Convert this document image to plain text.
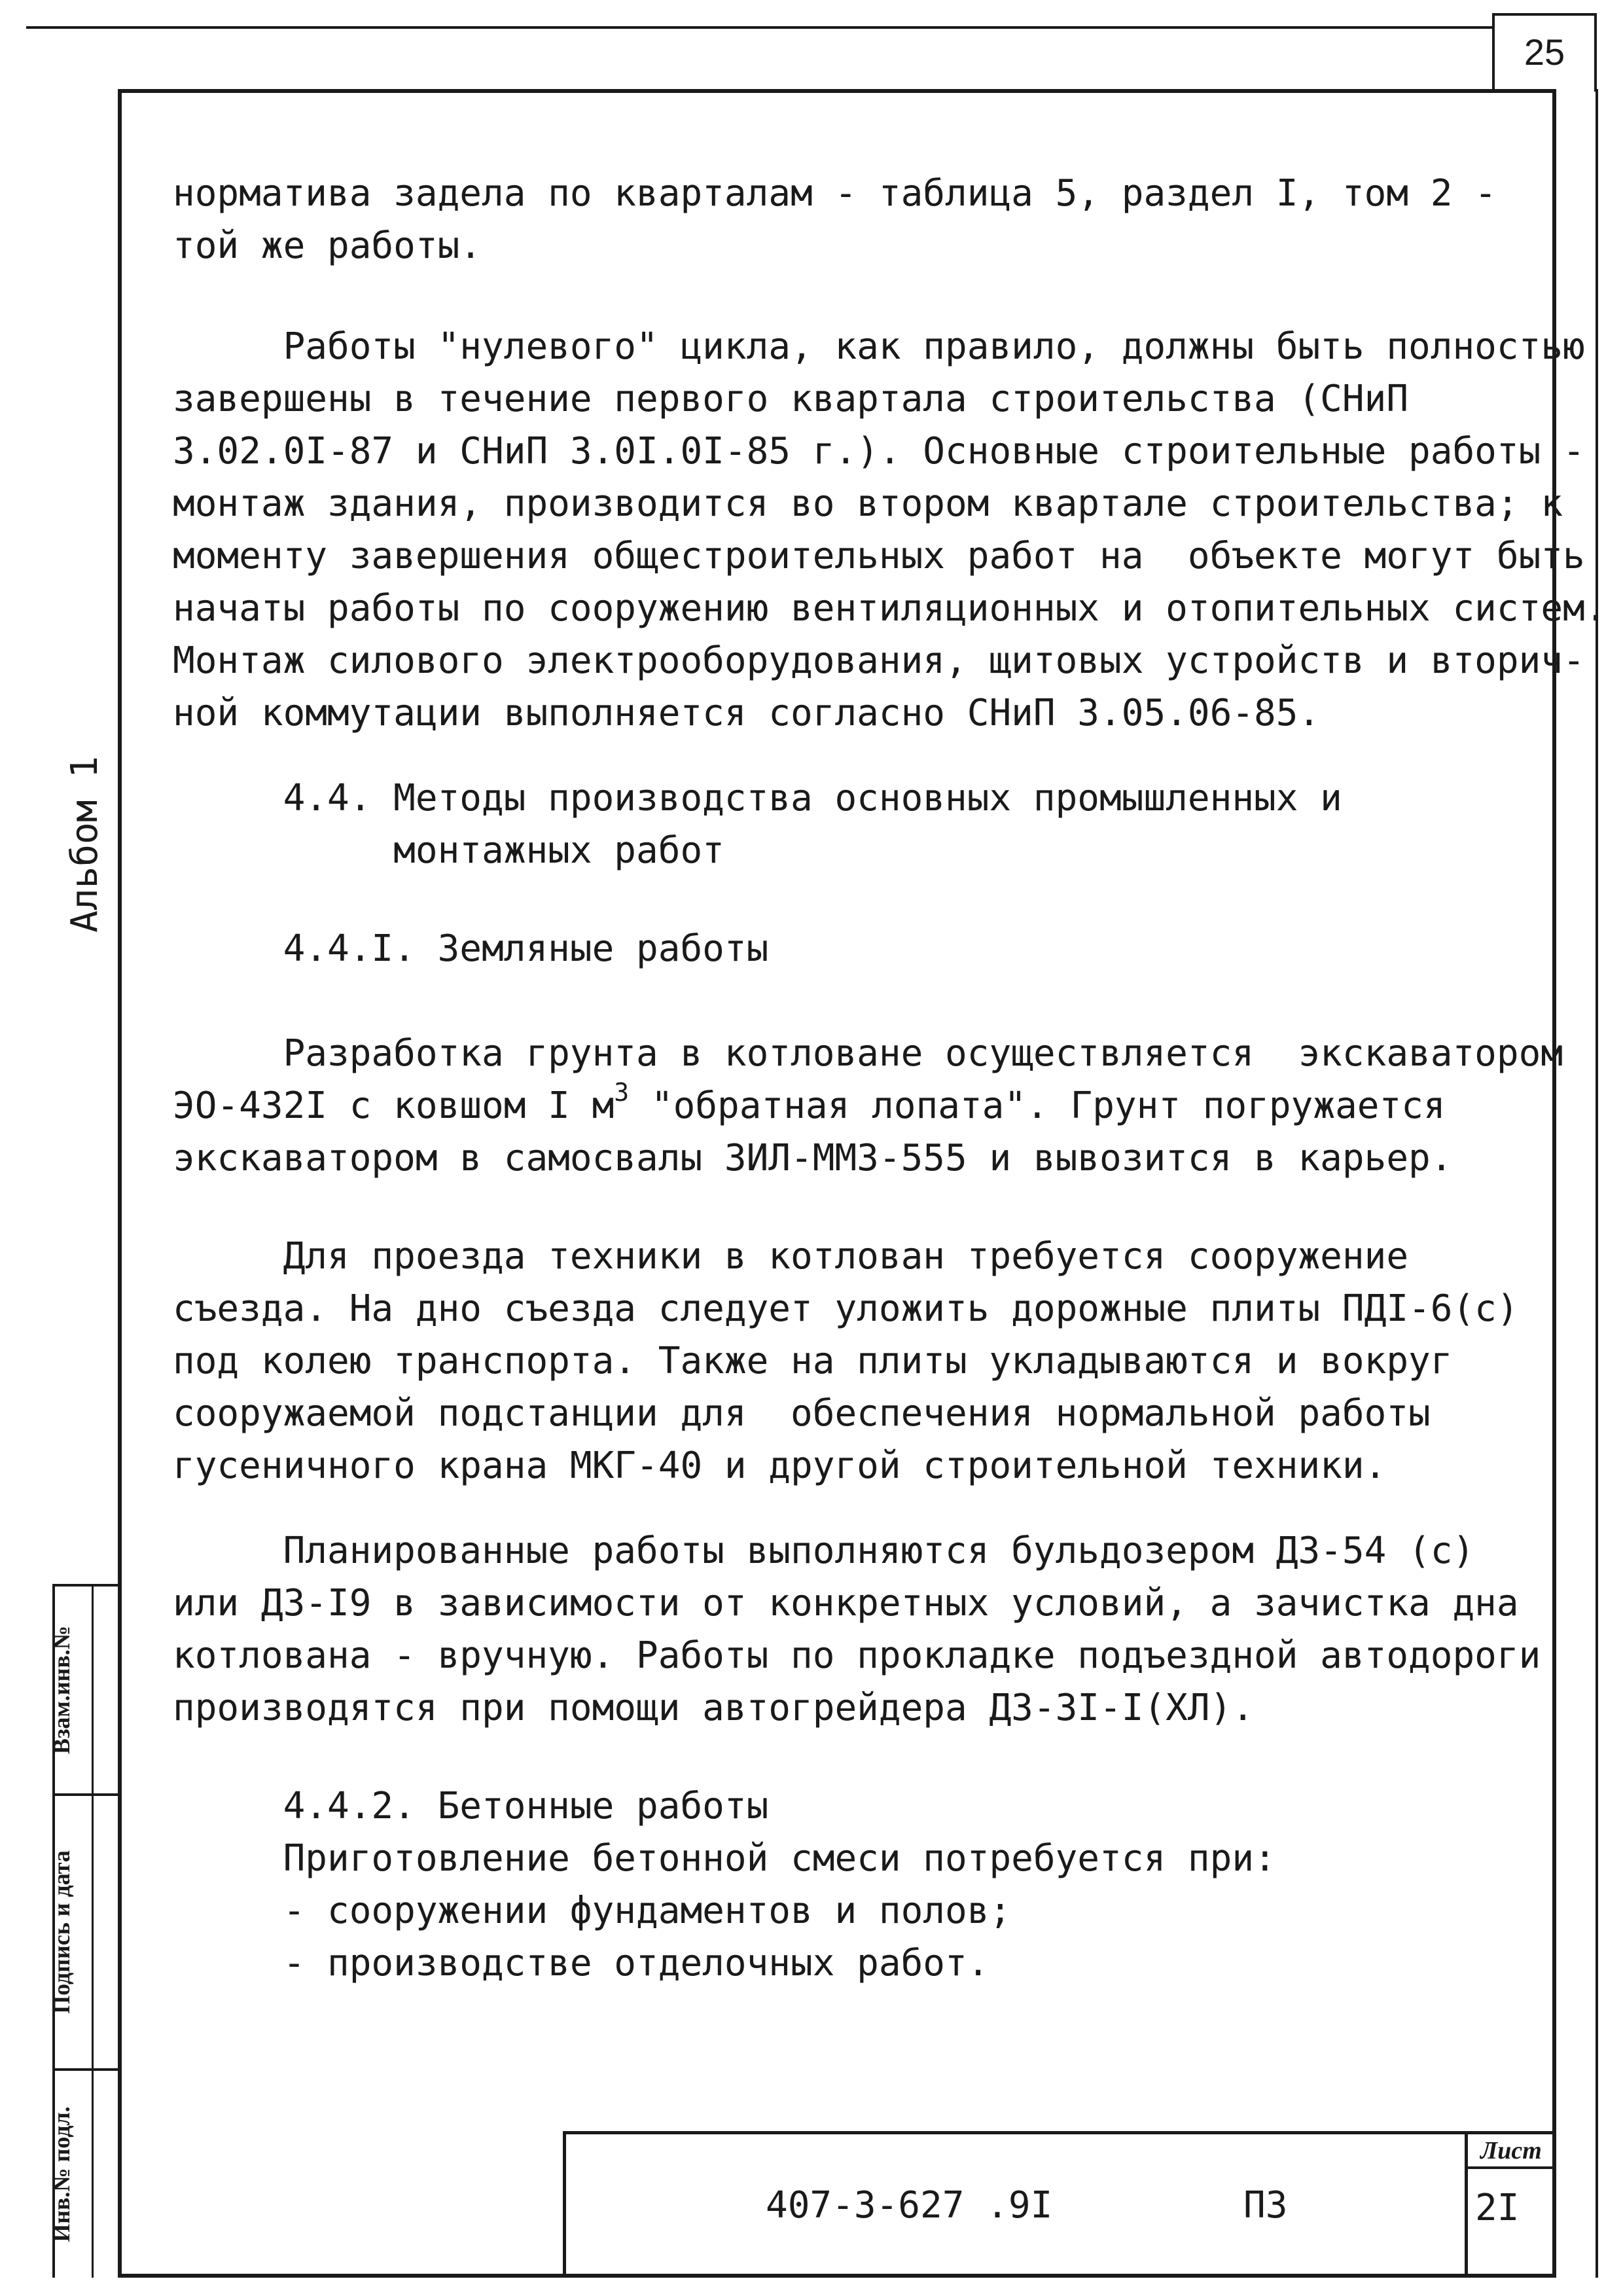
25
Альбом 1
Взам.инв.№
Подпись и дата
Инв.№ подл.
норматива задела по кварталам - таблица 5, раздел I, том 2 -
той же работы.
Работы "нулевого" цикла, как правило, должны быть полностью
завершены в течение первого квартала строительства (СНиП
3.02.0I-87 и СНиП 3.0I.0I-85 г.). Основные строительные работы -
монтаж здания, производится во втором квартале строительства; к
моменту завершения общестроительных работ на  объекте могут быть
начаты работы по сооружению вентиляционных и отопительных систем.
Монтаж силового электрооборудования, щитовых устройств и вторич-
ной коммутации выполняется согласно СНиП 3.05.06-85.
4.4. Методы производства основных промышленных и
монтажных работ
4.4.I. Земляные работы
Разработка грунта в котловане осуществляется  экскаватором
ЭО-432I с ковшом I $м^3$ "обратная лопата". Грунт погружается
экскаватором в самосвалы ЗИЛ-ММЗ-555 и вывозится в карьер.
Для проезда техники в котлован требуется сооружение
съезда. На дно съезда следует уложить дорожные плиты ПДI-6(с)
под колею транспорта. Также на плиты укладываются и вокруг
сооружаемой подстанции для  обеспечения нормальной работы
гусеничного крана МКГ-40 и другой строительной техники.
Планированные работы выполняются бульдозером ДЗ-54 (с)
или ДЗ-I9 в зависимости от конкретных условий, а зачистка дна
котлована - вручную. Работы по прокладке подъездной автодороги
производятся при помощи автогрейдера ДЗ-3I-I(ХЛ).
4.4.2. Бетонные работы
Приготовление бетонной смеси потребуется при:
- сооружении фундаментов и полов;
- производстве отделочных работ.
407-3-627 .9I	ПЗ
Лист
2I
